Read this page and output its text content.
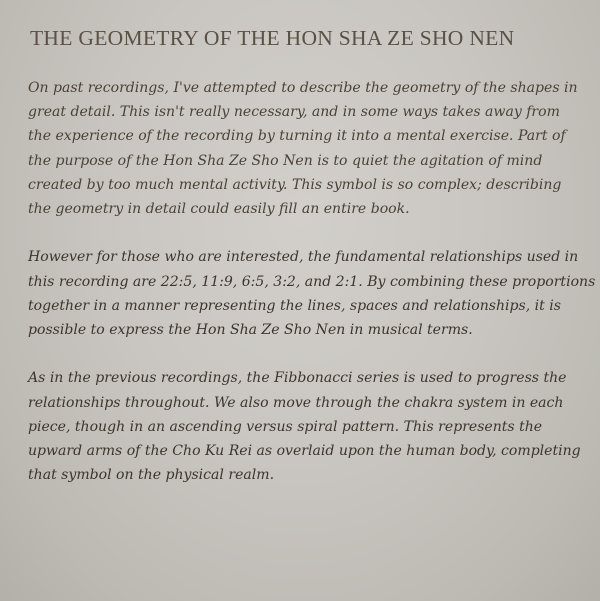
THE GEOMETRY OF THE HON SHA ZE SHO NEN

On past recordings, I've attempted to describe the geometry of the shapes in
great detail. This isn't really necessary, and in some ways takes away from
the experience of the recording by turning it into a mental exercise. Part of
the purpose of the Hon Sha Ze Sho Nen is to quiet the agitation of mind
created by too much mental activity. This symbol is so complex; describing
the geometry in detail could easily fill an entire book.

However for those who are interested, the fundamental relationships used in
this recording are 22:5, 11:9, 6:5, 3:2, and 2:1. By combining these proportions
together in a manner representing the lines, spaces and relationships, it is
possible to express the Hon Sha Ze Sho Nen in musical terms.

As in the previous recordings, the Fibbonacci series is used to progress the
relationships throughout. We also move through the chakra system in each
piece, though in an ascending versus spiral pattern. This represents the
upward arms of the Cho Ku Rei as overlaid upon the human body, completing
that symbol on the physical realm.
